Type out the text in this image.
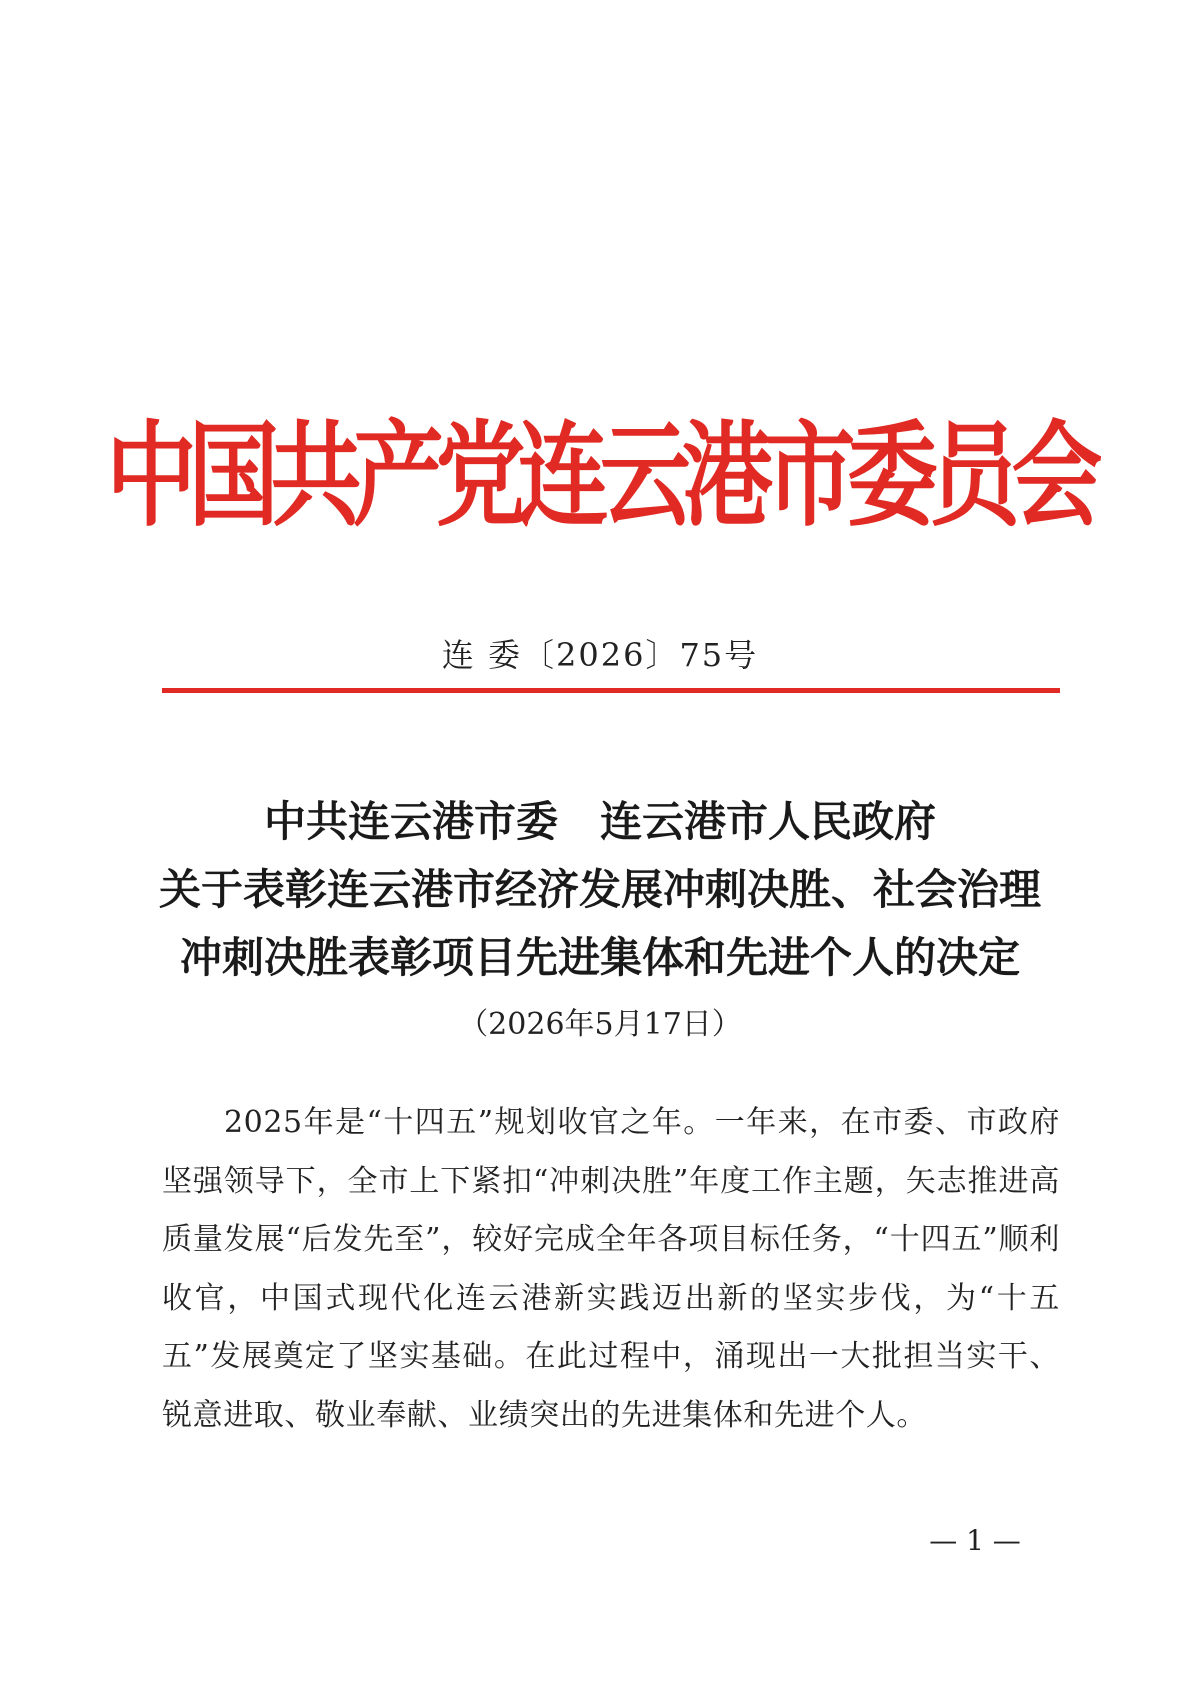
中国共产党连云港市委员会
连 委〔2026〕75号
中共连云港市委　连云港市人民政府
关于表彰连云港市经济发展冲刺决胜、社会治理
冲刺决胜表彰项目先进集体和先进个人的决定
（2026年5月17日）

2025年是“十四五”规划收官之年。一年来，在市委、市政府坚强领导下，全市上下紧扣“冲刺决胜”年度工作主题，矢志推进高质量发展“后发先至”，较好完成全年各项目标任务，“十四五”顺利收官，中国式现代化连云港新实践迈出新的坚实步伐，为“十五五”发展奠定了坚实基础。在此过程中，涌现出一大批担当实干、锐意进取、敬业奉献、业绩突出的先进集体和先进个人。

— 1 —
